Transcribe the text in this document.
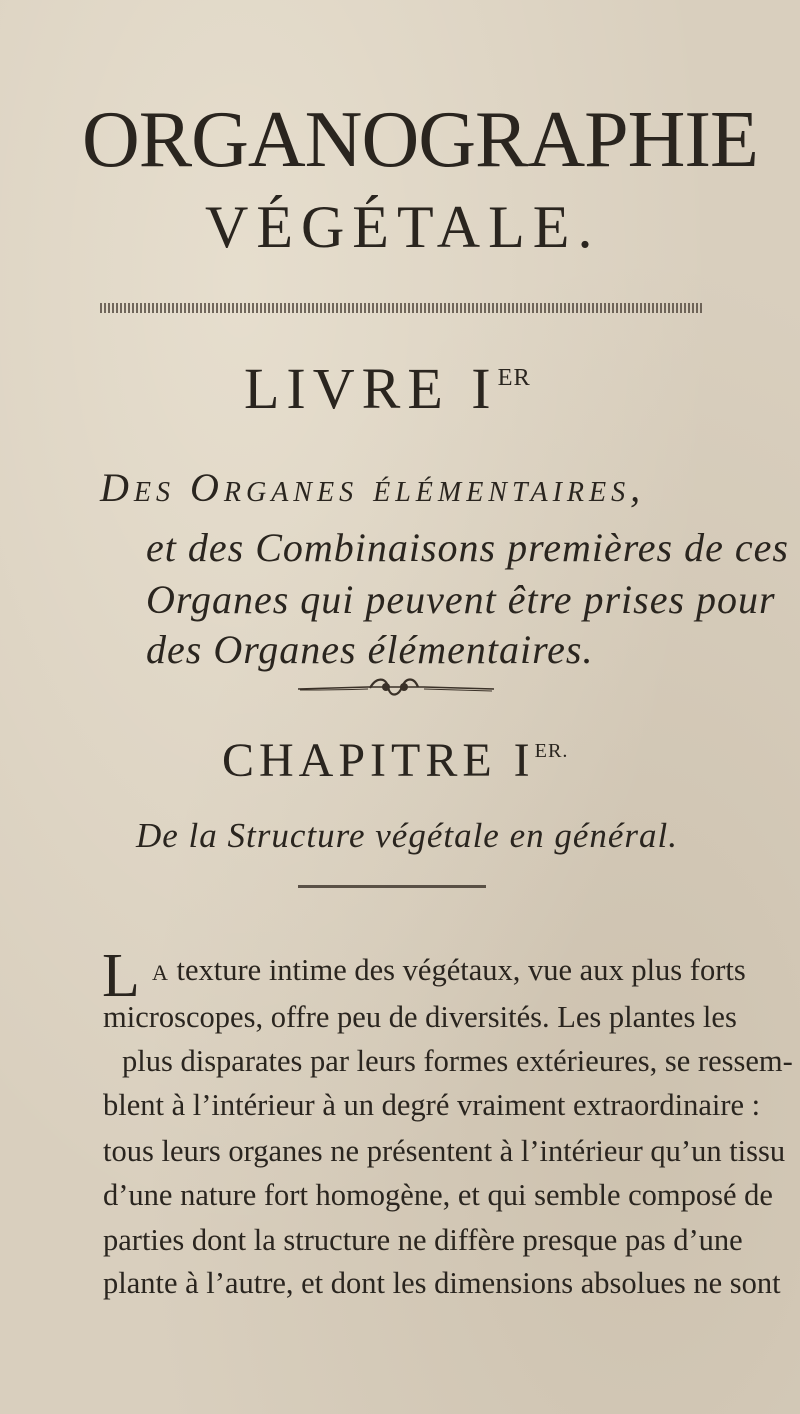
ORGANOGRAPHIE
VÉGÉTALE.
LIVRE IER
Des Organes élémentaires,
et des Combinaisons premières de ces
Organes qui peuvent être prises pour
des Organes élémentaires.
CHAPITRE $I^{ER.}$
De la Structure végétale en général.
L A texture intime des végétaux, vue aux plus forts
microscopes, offre peu de diversités. Les plantes les
plus disparates par leurs formes extérieures, se ressem-
blent à l’intérieur à un degré vraiment extraordinaire :
tous leurs organes ne présentent à l’intérieur qu’un tissu
d’une nature fort homogène, et qui semble composé de
parties dont la structure ne diffère presque pas d’une
plante à l’autre, et dont les dimensions absolues ne sont
